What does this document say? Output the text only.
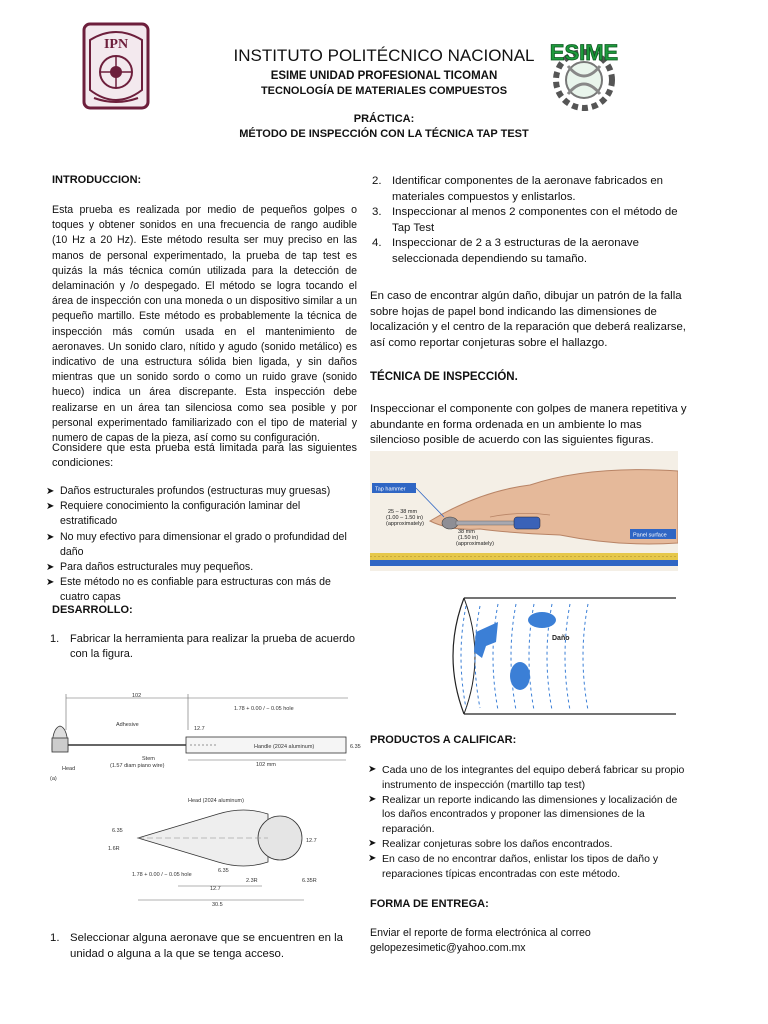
IPN
INSTITUTO POLITÉCNICO NACIONAL
ESIME UNIDAD PROFESIONAL TICOMAN
TECNOLOGÍA DE MATERIALES COMPUESTOS
PRÁCTICA:
MÉTODO DE INSPECCIÓN CON LA TÉCNICA TAP TEST
ESIME
INTRODUCCION:
Esta prueba es realizada por medio de pequeños golpes o toques y obtener sonidos en una frecuencia de rango audible (10 Hz a 20 Hz). Este método resulta ser muy preciso en las manos de personal experimentado, la prueba de tap test es quizás la más técnica común utilizada para la detección de delaminación y /o despegado. El método se logra tocando el área de inspección con una moneda o un dispositivo similar a un pequeño martillo. Este método es probablemente la técnica de inspección más común usada en el mantenimiento de aeronaves. Un sonido claro, nítido y agudo (sonido metálico) es indicativo de una estructura sólida bien ligada, y sin daños mientras que un sonido sordo o como un ruido grave (sonido hueco) indica un área discrepante. Esta inspección debe realizarse en un área tan silenciosa como sea posible y por personal experimentado familiarizado con el tipo de material y numero de capas de la pieza, así como su configuración.
Considere que esta prueba está limitada para las siguientes condiciones:
➤ Daños estructurales profundos (estructuras muy gruesas)
➤ Requiere conocimiento la configuración laminar del estratificado
➤ No muy efectivo para dimensionar el grado o profundidad del daño
➤ Para daños estructurales muy pequeños.
➤ Este método no es confiable para estructuras con más de cuatro capas
DESARROLLO:
1. Fabricar la herramienta para realizar la prueba de acuerdo con la figura.
102
1.78 + 0.00 / − 0.05 hole
Adhesive
12.7
Handle (2024 aluminum)	6.35
102 mm
Stem
(1.57 diam piano wire)
Head
(a)
Head (2024 aluminum)
6.35
12.7
1.6R
1.78 + 0.00 / − 0.05 hole
6.35
12.7
2.3R	6.35R
30.5
1. Seleccionar alguna aeronave que se encuentren en la unidad o alguna a la que se tenga acceso.
2. Identificar componentes de la aeronave fabricados en materiales compuestos y enlistarlos.
3. Inspeccionar al menos 2 componentes con el método de Tap Test
4. Inspeccionar de 2 a 3 estructuras de la aeronave seleccionada dependiendo su tamaño.
En caso de encontrar algún daño, dibujar un patrón de la falla sobre hojas de papel bond indicando las dimensiones de localización y el centro de la reparación que deberá realizarse, así como reportar conjeturas sobre el hallazgo.
TÉCNICA DE INSPECCIÓN.
Inspeccionar el componente con golpes de manera repetitiva y abundante en forma ordenada en un ambiente lo mas silencioso posible de acuerdo con las siguientes figuras.
Tap hammer
25 – 38 mm
(1.00 – 1.50 in)
(approximately)
38 mm
(1.50 in)
(approximately)
Panel surface
Daño
PRODUCTOS A CALIFICAR:
➤ Cada uno de los integrantes del equipo deberá fabricar su propio instrumento de inspección (martillo tap test)
➤ Realizar un reporte indicando las dimensiones y localización de los daños encontrados y proponer las dimensiones de la reparación.
➤ Realizar conjeturas sobre los daños encontrados.
➤ En caso de no encontrar daños, enlistar los tipos de daño y reparaciones típicas encontradas con este método.
FORMA DE ENTREGA:
Enviar el reporte de forma electrónica al correo
gelopezesimetic@yahoo.com.mx
